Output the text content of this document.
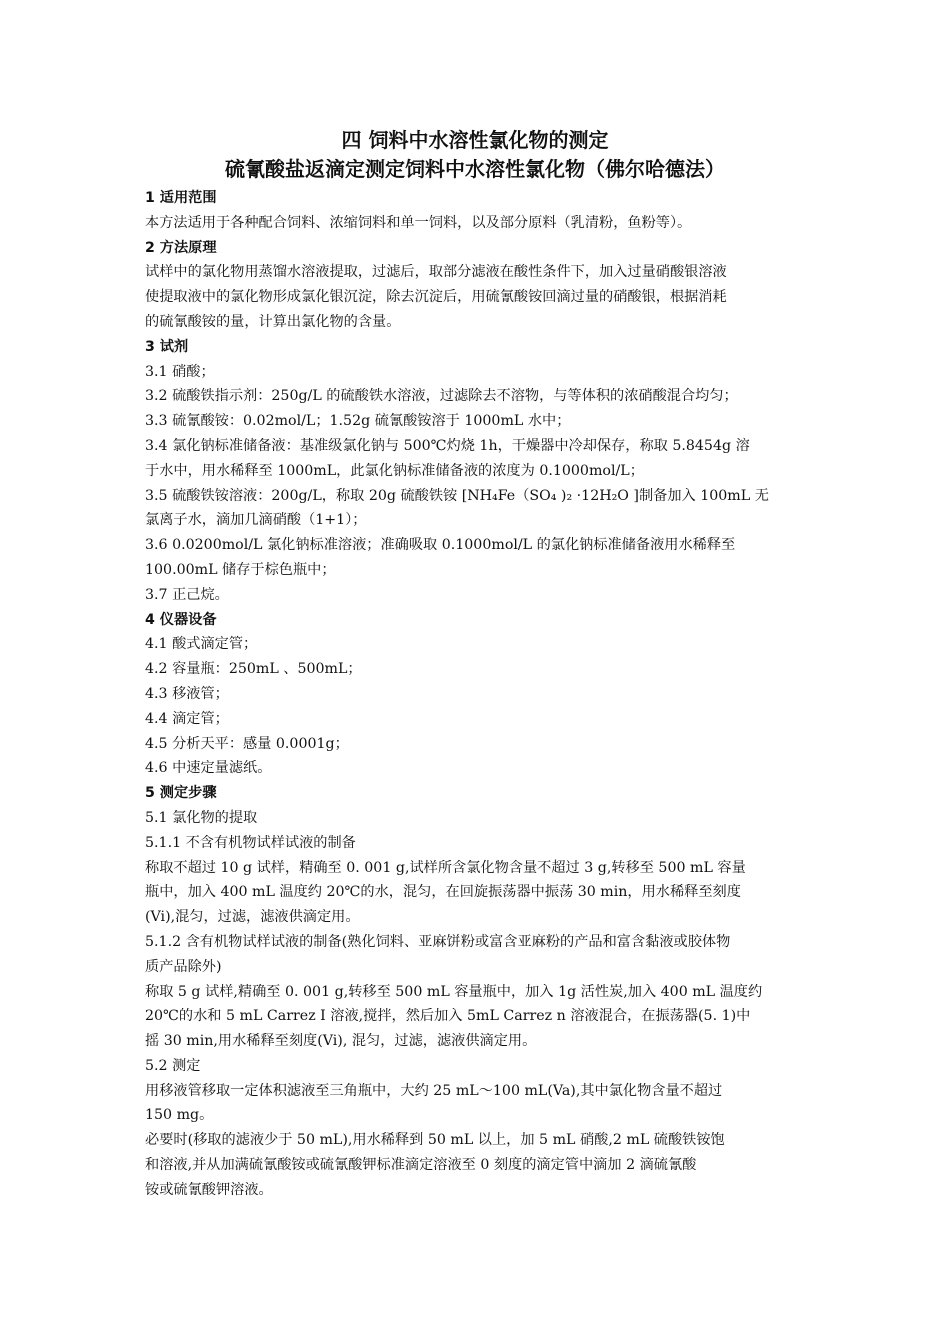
四 饲料中水溶性氯化物的测定
硫氰酸盐返滴定测定饲料中水溶性氯化物（佛尔哈德法）
1 适用范围
本方法适用于各种配合饲料、浓缩饲料和单一饲料，以及部分原料（乳清粉，鱼粉等）。
2 方法原理
试样中的氯化物用蒸馏水溶液提取，过滤后，取部分滤液在酸性条件下，加入过量硝酸银溶液
使提取液中的氯化物形成氯化银沉淀，除去沉淀后，用硫氰酸铵回滴过量的硝酸银，根据消耗
的硫氰酸铵的量，计算出氯化物的含量。
3 试剂
3.1 硝酸；
3.2 硫酸铁指示剂：250g/L 的硫酸铁水溶液，过滤除去不溶物，与等体积的浓硝酸混合均匀；
3.3 硫氰酸铵：0.02mol/L；1.52g 硫氰酸铵溶于 1000mL 水中；
3.4 氯化钠标准储备液：基准级氯化钠与 500℃灼烧 1h，干燥器中冷却保存，称取 5.8454g 溶
于水中，用水稀释至 1000mL，此氯化钠标准储备液的浓度为 0.1000mol/L；
3.5 硫酸铁铵溶液：200g/L，称取 20g 硫酸铁铵 [NH₄Fe（SO₄ )₂ ·12H₂O ]制备加入 100mL 无
氯离子水，滴加几滴硝酸（1+1）；
3.6 0.0200mol/L 氯化钠标准溶液；准确吸取 0.1000mol/L 的氯化钠标准储备液用水稀释至
100.00mL 储存于棕色瓶中；
3.7 正己烷。
4 仪器设备
4.1 酸式滴定管；
4.2 容量瓶：250mL 、500mL；
4.3 移液管；
4.4 滴定管；
4.5 分析天平：感量 0.0001g；
4.6 中速定量滤纸。
5 测定步骤
5.1 氯化物的提取
5.1.1 不含有机物试样试液的制备
称取不超过 10 g 试样，精确至 0. 001 g,试样所含氯化物含量不超过 3 g,转移至 500 mL 容量
瓶中，加入 400 mL 温度约 20℃的水，混匀，在回旋振荡器中振荡 30 min，用水稀释至刻度
(Vi),混匀，过滤，滤液供滴定用。
5.1.2 含有机物试样试液的制备(熟化饲料、亚麻饼粉或富含亚麻粉的产品和富含黏液或胶体物
质产品除外)
称取 5 g 试样,精确至 0. 001 g,转移至 500 mL 容量瓶中，加入 1g 活性炭,加入 400 mL 温度约
20℃的水和 5 mL Carrez I 溶液,搅拌，然后加入 5mL Carrez n 溶液混合，在振荡器(5. 1)中
摇 30 min,用水稀释至刻度(Vi), 混匀，过滤，滤液供滴定用。
5.2 测定
用移液管移取一定体积滤液至三角瓶中，大约 25 mL～100 mL(Va),其中氯化物含量不超过
150 mg。
必要时(移取的滤液少于 50 mL),用水稀释到 50 mL 以上，加 5 mL 硝酸,2 mL 硫酸铁铵饱
和溶液,并从加满硫氰酸铵或硫氰酸钾标准滴定溶液至 0 刻度的滴定管中滴加 2 滴硫氰酸
铵或硫氰酸钾溶液。
